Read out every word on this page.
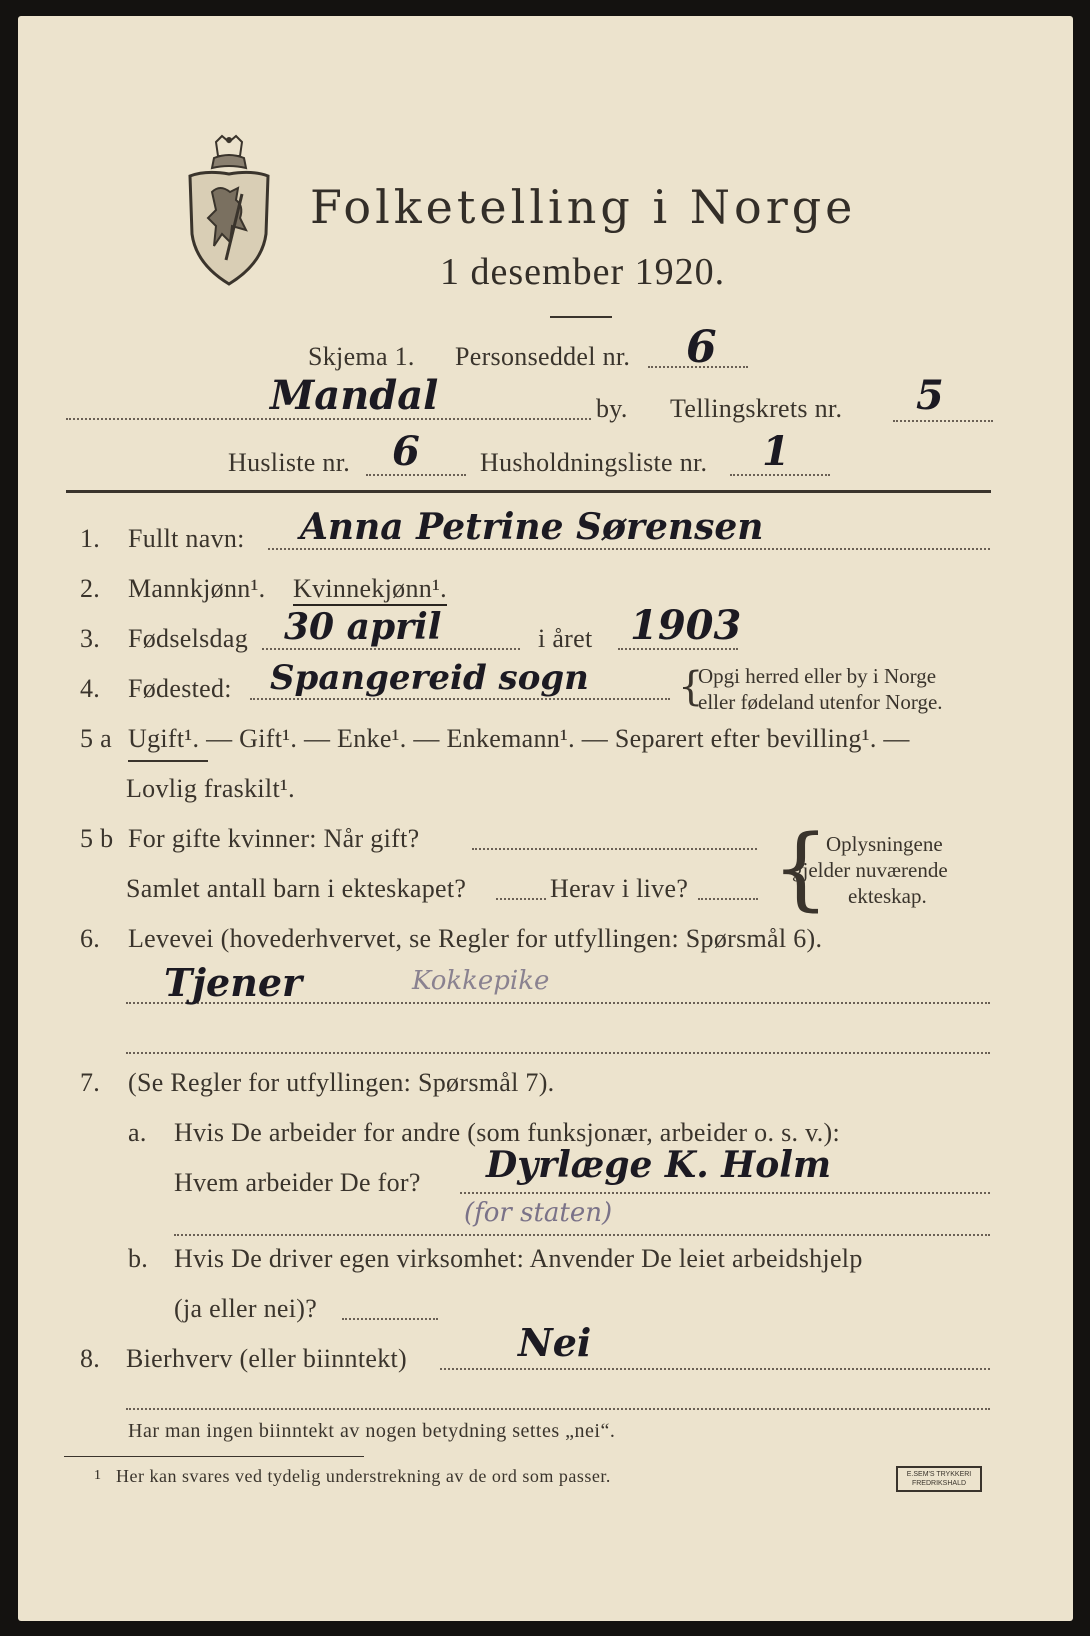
Folketelling i Norge
1 desember 1920.
Skjema 1. Personseddel nr. 6
Mandal	by. Tellingskrets nr. 5
Husliste nr. 6 Husholdningsliste nr. 1
1. Fullt navn: Anna Petrine Sørensen
2. Mannkjønn¹. Kvinnekjønn¹.
3. Fødselsdag 30 april	i året 1903
4. Fødested: Spangereid sogn {
Opgi herred eller by i Norge
eller fødeland utenfor Norge.
5 a Ugift¹. — Gift¹. — Enke¹. — Enkemann¹. — Separert efter bevilling¹. —
Lovlig fraskilt¹.
5 b For gifte kvinner: Når gift?
Samlet antall barn i ekteskapet?	Herav i live? {
Oplysningene
gjelder nuværende
ekteskap.
6. Levevei (hovederhvervet, se Regler for utfyllingen: Spørsmål 6).
Tjener	Kokkepike
7. (Se Regler for utfyllingen: Spørsmål 7).
a. Hvis De arbeider for andre (som funksjonær, arbeider o. s. v.):
Hvem arbeider De for? Dyrlæge K. Holm
(for staten)
b. Hvis De driver egen virksomhet: Anvender De leiet arbeidshjelp
(ja eller nei)?
8. Bierhverv (eller biinntekt)	Nei
Har man ingen biinntekt av nogen betydning settes „nei“.
1 Her kan svares ved tydelig understrekning av de ord som passer.	E.SEM'S TRYKKERI FREDRIKSHALD
